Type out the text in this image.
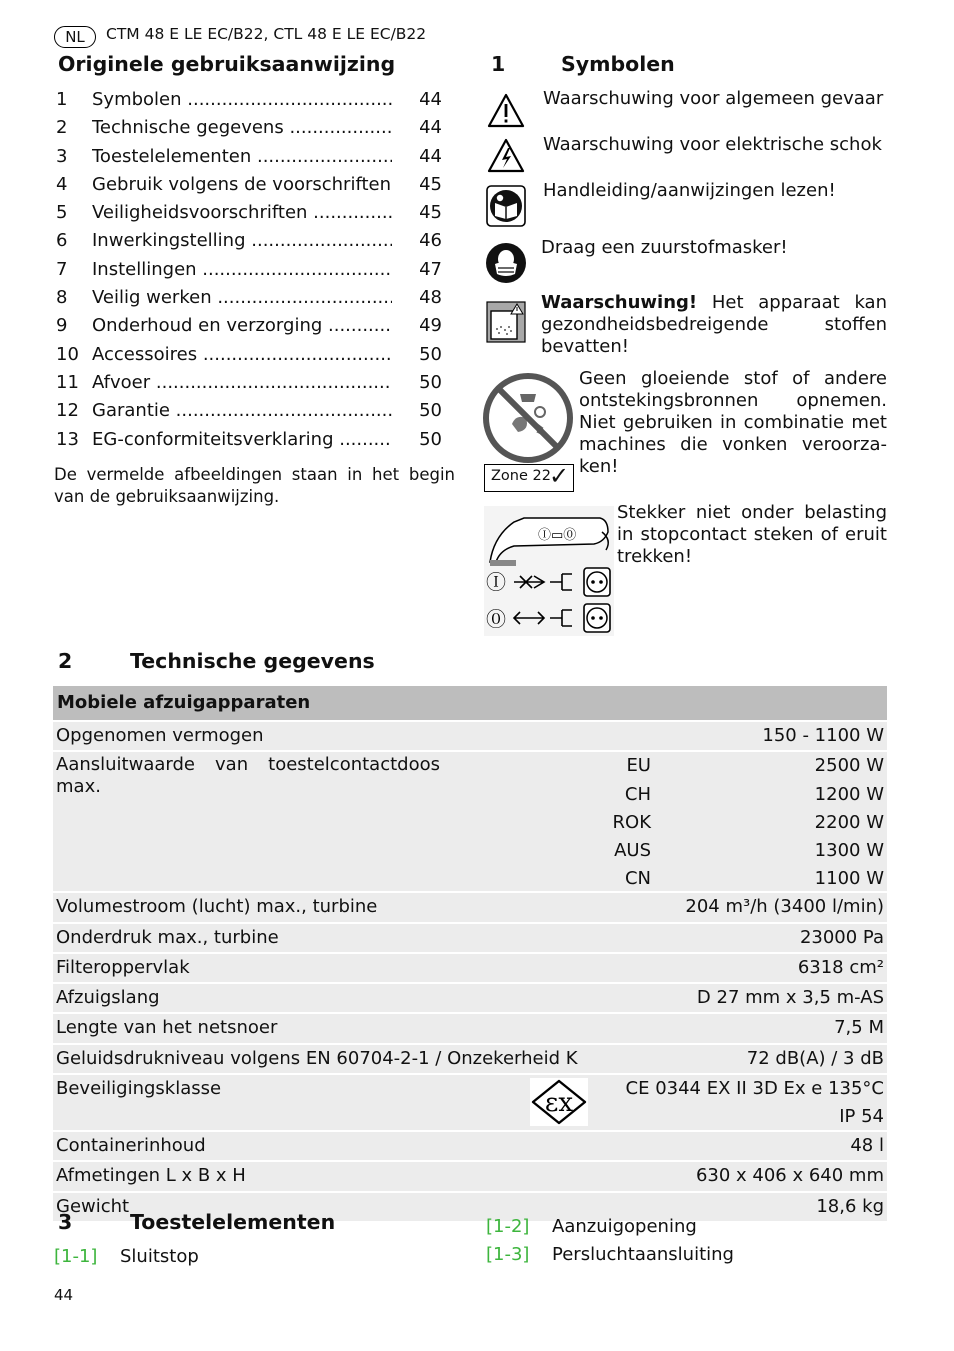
NL	CTM 48 E LE EC/B22, CTL 48 E LE EC/B22
Originele gebruiksaanwijzing
1 Symbolen .....	44
2 Technische gegevens .....	44
3 Toestelelementen .....	44
4 Gebruik volgens de voorschriften .....	45
5 Veiligheidsvoorschriften .....	45
6 Inwerkingstelling .....	46
7 Instellingen .....	47
8 Veilig werken .....	48
9 Onderhoud en verzorging .....	49
10 Accessoires .....	50
11 Afvoer .....	50
12 Garantie .....	50
13 EG-conformiteitsverklaring .....	50
De vermelde afbeeldingen staan in het begin van de gebruiksaanwijzing.
1	Symbolen
Waarschuwing voor algemeen gevaar
Waarschuwing voor elektrische schok
Handleiding/aanwijzingen lezen!
Draag een zuurstofmasker!
Waarschuwing! Het apparaat kan gezondheidsbedreigende stoffen bevatten!
Zone 22
✓
Geen gloeiende stof of andere ontstekingsbronnen opnemen. Niet gebruiken in combinatie met machines die vonken veroorza-ken!
Ⓘ▭⓪
Ⓘ
⓪
Stekker niet onder belasting in stopcontact steken of eruit trekken!
2	Technische gegevens
Mobiele afzuigapparaten
Opgenomen vermogen	150 - 1100 W
Aansluitwaarde van toestelcontactdoos max.
EU	2500 W
CH	1200 W
ROK	2200 W
AUS	1300 W
CN	1100 W
Volumestroom (lucht) max., turbine	204 m³/h (3400 l/min)
Onderdruk max., turbine	23000 Pa
Filteroppervlak	6318 cm²
Afzuigslang	D 27 mm x 3,5 m-AS
Lengte van het netsnoer	7,5 M
Geluidsdrukniveau volgens EN 60704-2-1 / Onzekerheid K	72 dB(A) / 3 dB
Beveiligingsklasse	εx	CE 0344 EX II 3D Ex e 135°C
IP 54
Containerinhoud	48 l
Afmetingen L x B x H	630 x 406 x 640 mm
Gewicht	18,6 kg
3	Toestelelementen
[1-1] Sluitstop
[1-2] Aanzuigopening
[1-3] Persluchtaansluiting
44
